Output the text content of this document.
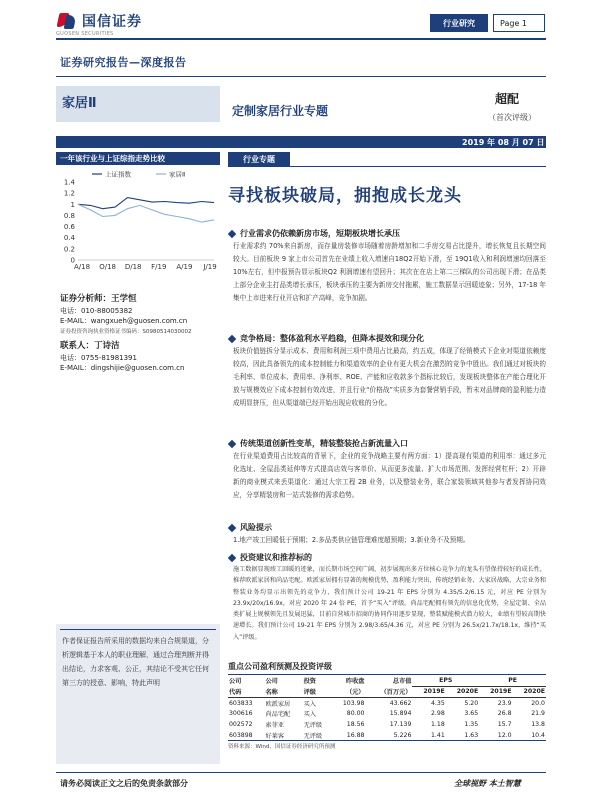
国信证券
GUOSEN SECURITIES
行业研究	Page 1
证券研究报告—深度报告
家居Ⅱ	定制家居行业专题
超配
（首次评级）
2019 年 08 月 07 日
一年该行业与上证综指走势比较
0
0.2
0.4
0.6
0.8
1
1.2
1.4
A/18 O/18 D/18 F/19 A/19 J/19
上证指数	家居Ⅱ
证券分析师：王学恒
电话：010-88005382
E-MAIL：wangxueh@guosen.com.cn
证券投资咨询执业资格证书编码：S0980514030002
联系人：丁诗洁
电话：0755-81981391
E-MAIL：dingshijie@guosen.com.cn
作者保证报告所采用的数据均来自合规渠道，分析逻辑基于本人的职业理解，通过合理判断并得出结论，力求客观、公正，其结论不受其它任何第三方的授意、影响，特此声明
行业专题
寻找板块破局，拥抱成长龙头
行业需求仍依赖新房市场，短期板块增长承压
行业需求约 70%来自新房，而存量房装修市场随着房龄增加和二手房交易占比提升，增长恢复且长期空间较大。目前板块 9 家上市公司首先在业绩上收入增速自18Q2开始下滑，至 19Q1收入和利润增速均回落至 10%左右，但中报预告显示板块Q2 利润增速有望回升；其次在在店上第二三梯队的公司出现下滑；在品类上部分企业主打品类增长承压，板块承压的主要为新房交付拖累，施工数据显示回暖迹象；另外，17-18 年集中上市进来行业开店和扩产高峰，竞争加剧。
竞争格局：整体盈利水平趋稳，但降本提效和现分化
板块价值链拆分显示成本、费用和利润三项中费用占比最高，约五成，体现了经销模式下企业对渠道依赖度较高，因此具备领先的成本控制能力和渠道效率的企业有更大机会在激烈的竞争中胜出。我们通过对板块的毛利率、单位成本、费用率、净利率、ROE、产能和应收款多个指标比较后，发现板块整体在产能合理化开放与规模效应下成本控制有效改进，并且行业“价格战”实质多为套餐营销手段，暂未对品牌商的盈利能力造成明显挤压，但从渠道端已经开始出现应收账的分化。
传统渠道创新性变革，精装整装抢占新流量入口
在行业渠道费用占比较高的背景下，企业的竞争战略主要有两方面：1）提高现有渠道的利用率：通过多元化选址、全屋品类延伸等方式提高店效与客单价、从而更多流量、扩大市场范围、发挥经营杠杆；2）开辟新的商业模式来丢渠道化：通过大宗工程 2B 业务，以及整装业务，联合家装领域其他参与者发挥协同效应，分享精装房和一站式装修的需求趋势。
风险提示
1.地产竣工回暖低于预期；2.多品类供应链管理难度超预期；3.新业务不及预期。
投资建议和推荐标的
施工数据显现竣工回暖的迹象，而长期市场空间广阔，初步展现出多方位核心竞争力的龙头有望保持较好的成长性，推荐欧派家居和尚品宅配。欧派家居拥有显著的规模优势，盈利能力突出，传统经销业务、大家居战略、大宗业务和整装业务均显示出领先的竞争力，我们预计公司 19-21 年 EPS 分别为 4.35/5.2/6.15 元，对应 PE 分别为 23.9x/20x/16.9x，对应 2020 年 24 倍 PE，首予“买入”评级。尚品宅配拥有领先的信息化优势，全屋定制、全品类扩展上规模领先且发展迅猛，目前自营城市招商的协同作用逐步显现，整装赋能模式潜力较大，业绩有望较高期快速增长。我们预计公司 19-21 年 EPS 分别为 2.98/3.65/4.36 元，对应 PE 分别为 26.5x/21.7x/18.1x，维持“买入”评级。
重点公司盈利预测及投资评级
公司	公司	投资	昨收盘	总市值	EPS		PE	
代码	名称	评级	（元）	（百万元）	2019E	2020E	2019E	2020E
603833	欧派家居	买入	103.98	43.662	4.35	5.20	23.9	20.0
300616	尚品宅配	买入	80.00	15.894	2.98	3.65	26.8	21.9
002572	索菲亚	无评级	18.56	17.139	1.18	1.35	15.7	13.8
603898	好莱客	无评级	16.88	5.226	1.41	1.63	12.0	10.4
资料来源：Wind、国信证券经济研究所预测
请务必阅读正文之后的免责条款部分	全球视野 本土智慧
